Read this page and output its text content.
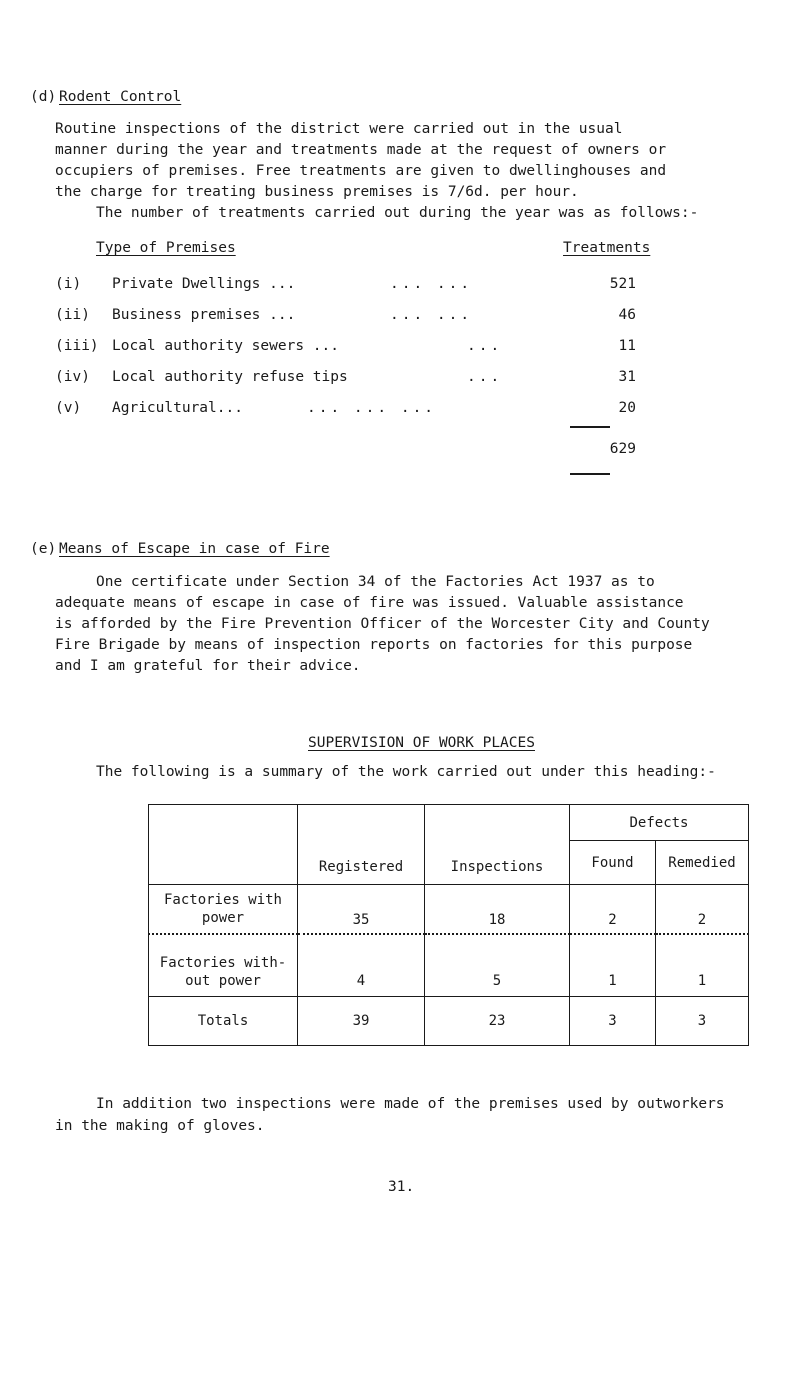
(d) Rodent Control
Routine inspections of the district were carried out in the usual
manner during the year and treatments made at the request of owners or
occupiers of premises. Free treatments are given to dwellinghouses and
the charge for treating business premises is 7/6d. per hour.
The number of treatments carried out during the year was as follows:-
Type of Premises	Treatments
(i) Private Dwellings ...	... ...	521
(ii) Business premises ...	... ...	46
(iii) Local authority sewers ...	...	11
(iv) Local authority refuse tips	...	31
(v) Agricultural...	... ... ...	20
629
(e) Means of Escape in case of Fire
One certificate under Section 34 of the Factories Act 1937 as to
adequate means of escape in case of fire was issued. Valuable assistance
is afforded by the Fire Prevention Officer of the Worcester City and County
Fire Brigade by means of inspection reports on factories for this purpose
and I am grateful for their advice.
SUPERVISION OF WORK PLACES
The following is a summary of the work carried out under this heading:-
	Registered	Inspections	Defects	
			Found	Remedied

Factories with
power	35	18	2	2

Factories with-
out power	4	5	1	1
Totals	39	23	3	3
In addition two inspections were made of the premises used by outworkers
in the making of gloves.
31.
